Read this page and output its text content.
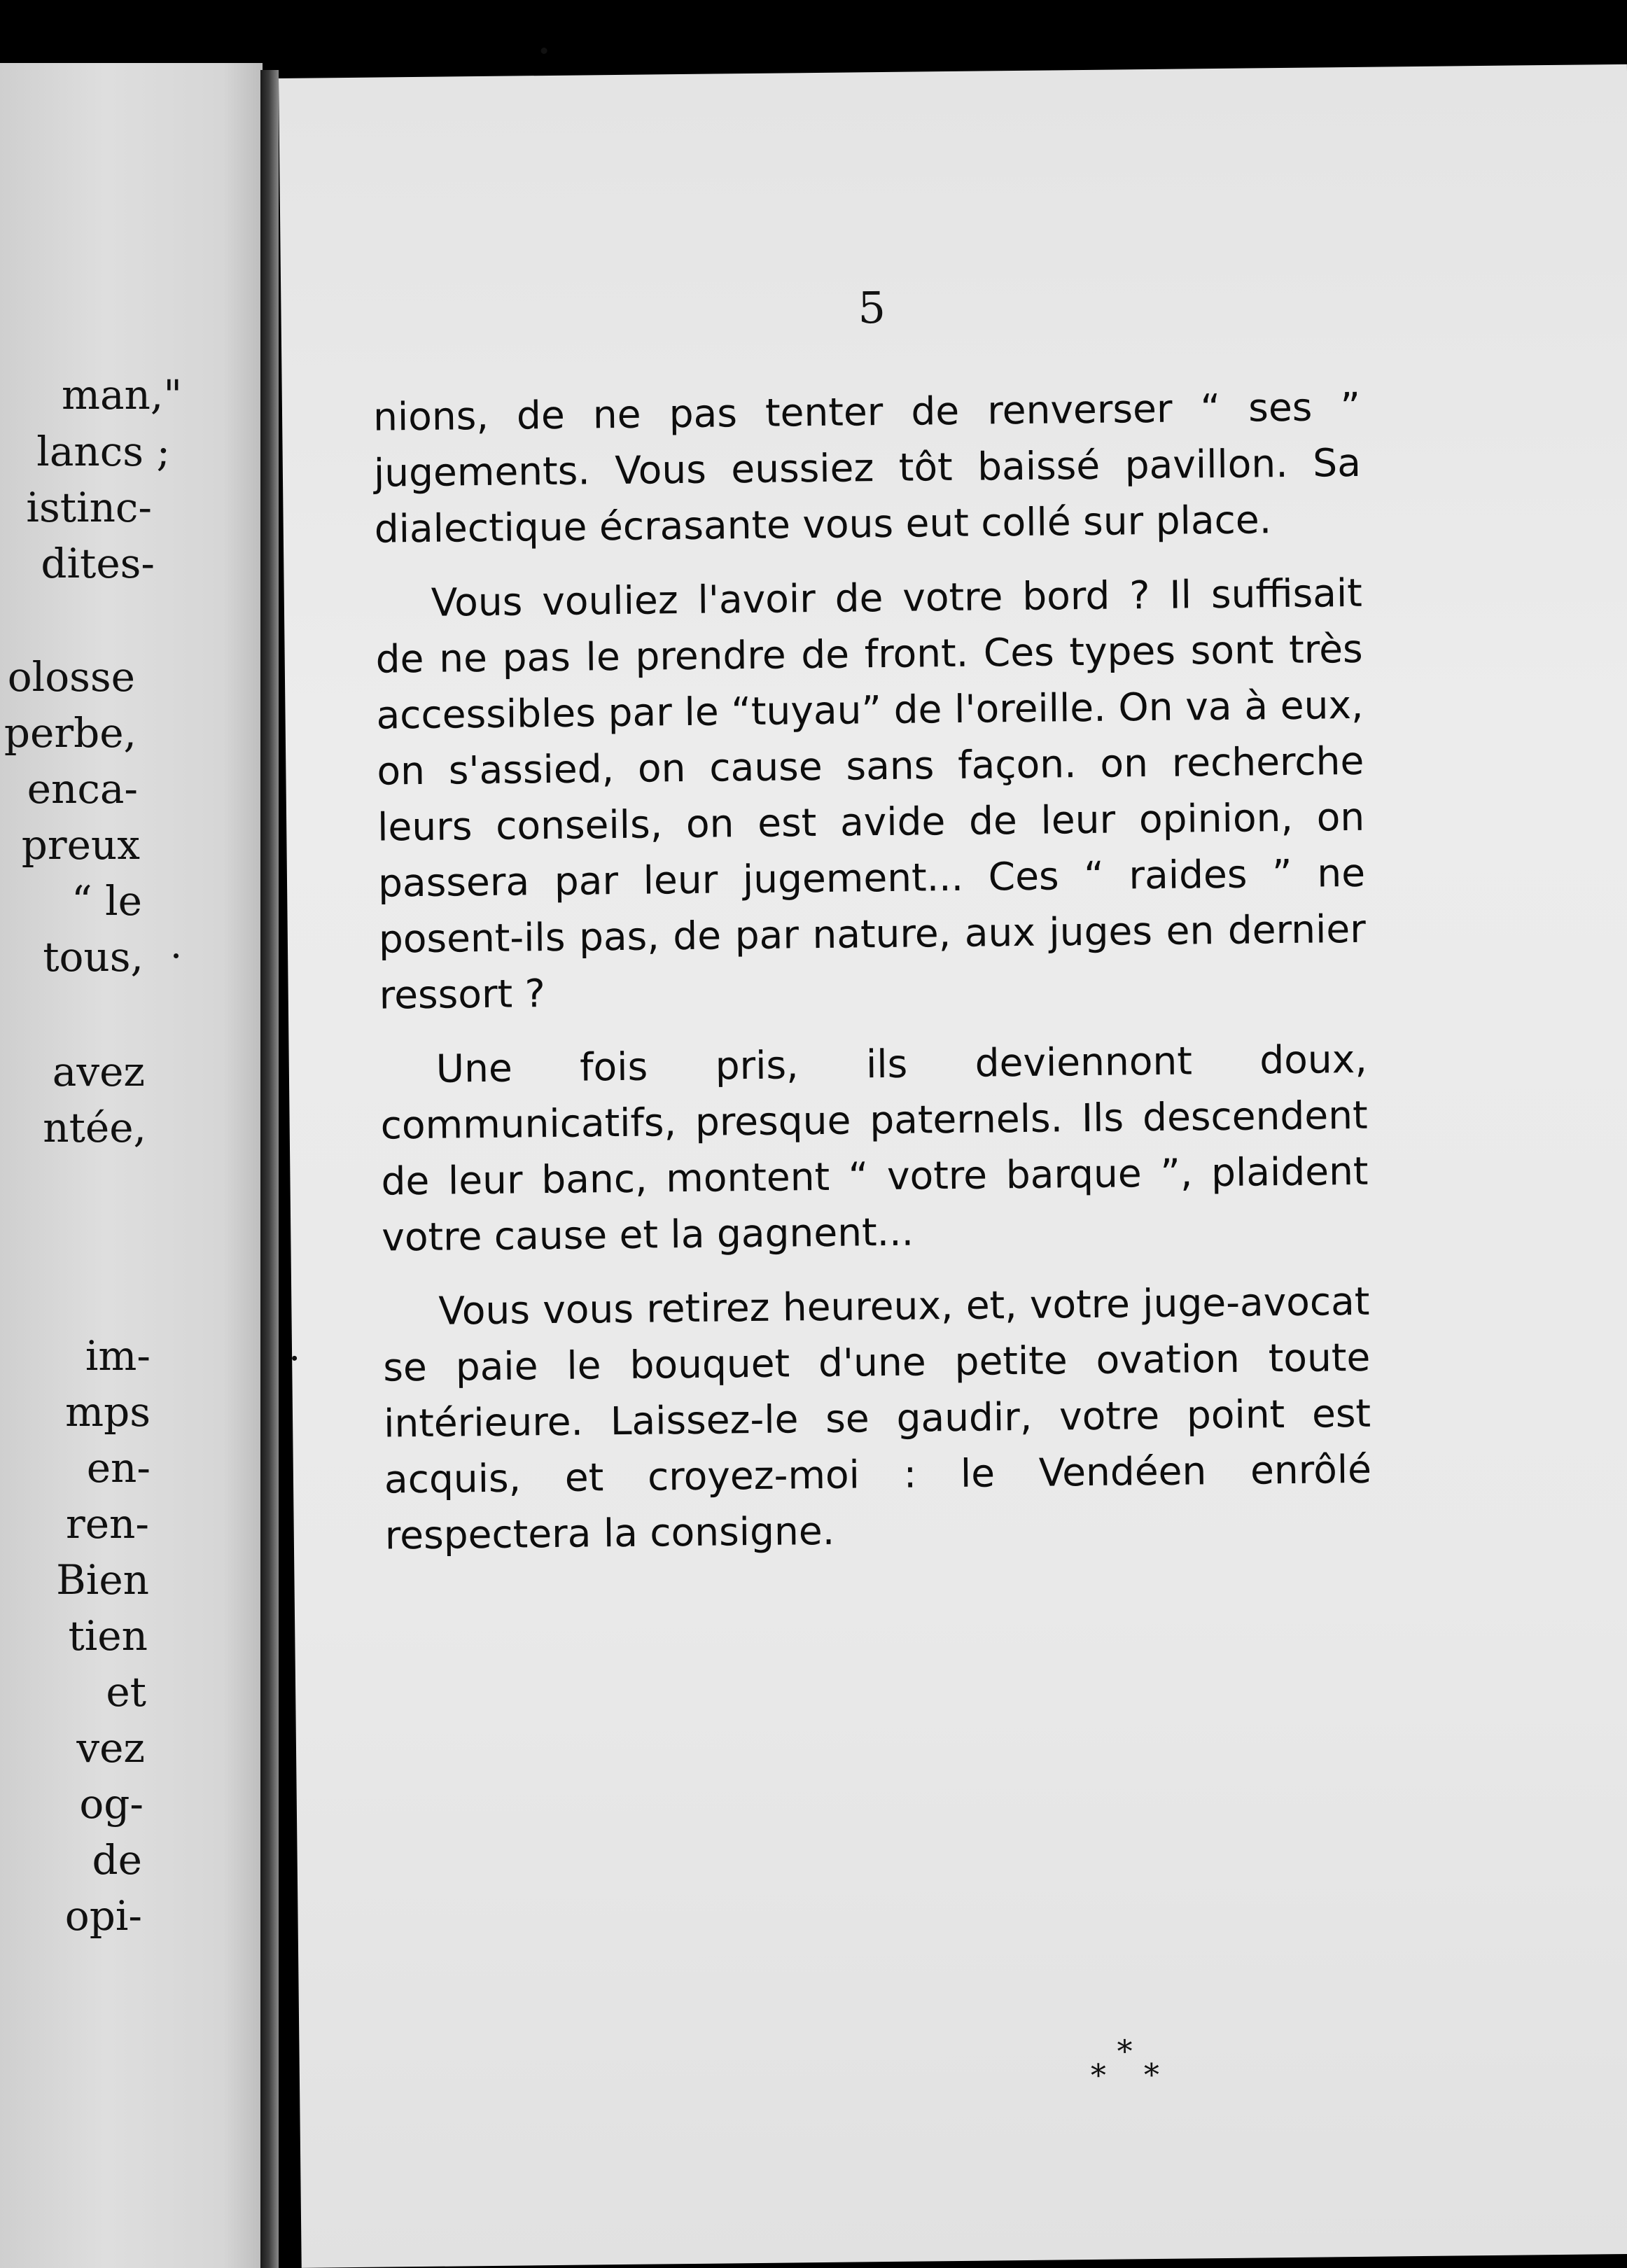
man,"
lancs ;
istinc-
dites-
olosse
perbe,
enca-
preux
“ le
tous,
avez
ntée,
im-
mps
en-
ren-
Bien
tien
et
vez
og-
de
opi-
5

nions, de ne pas tenter de renverser “ ses ” jugements. Vous eussiez tôt baissé pavillon. Sa dialectique écrasante vous eut collé sur place.

Vous vouliez l'avoir de votre bord ? Il suffisait de ne pas le prendre de front. Ces types sont très accessibles par le “tuyau” de l'oreille. On va à eux, on s'assied, on cause sans façon. on recherche leurs conseils, on est avide de leur opinion, on passera par leur jugement... Ces “ raides ” ne posent-ils pas, de par nature, aux juges en dernier ressort ?

Une fois pris, ils deviennont doux, communicatifs, presque paternels. Ils descendent de leur banc, montent “ votre barque ”, plaident votre cause et la gagnent...

Vous vous retirez heureux, et, votre juge-avocat se paie le bouquet d'une petite ovation toute intérieure. Laissez-le se gaudir, votre point est acquis, et croyez-moi : le Vendéen enrôlé respectera la consigne.

*
* *
